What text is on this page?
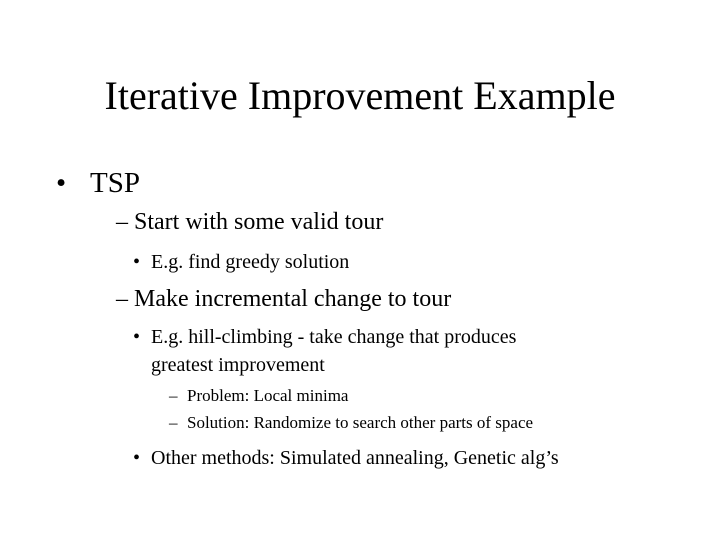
Iterative Improvement Example
• TSP
– Start with some valid tour
• E.g. find greedy solution
– Make incremental change to tour
• E.g. hill-climbing - take change that produces
greatest improvement
– Problem: Local minima
– Solution: Randomize to search other parts of space
• Other methods: Simulated annealing, Genetic alg’s
